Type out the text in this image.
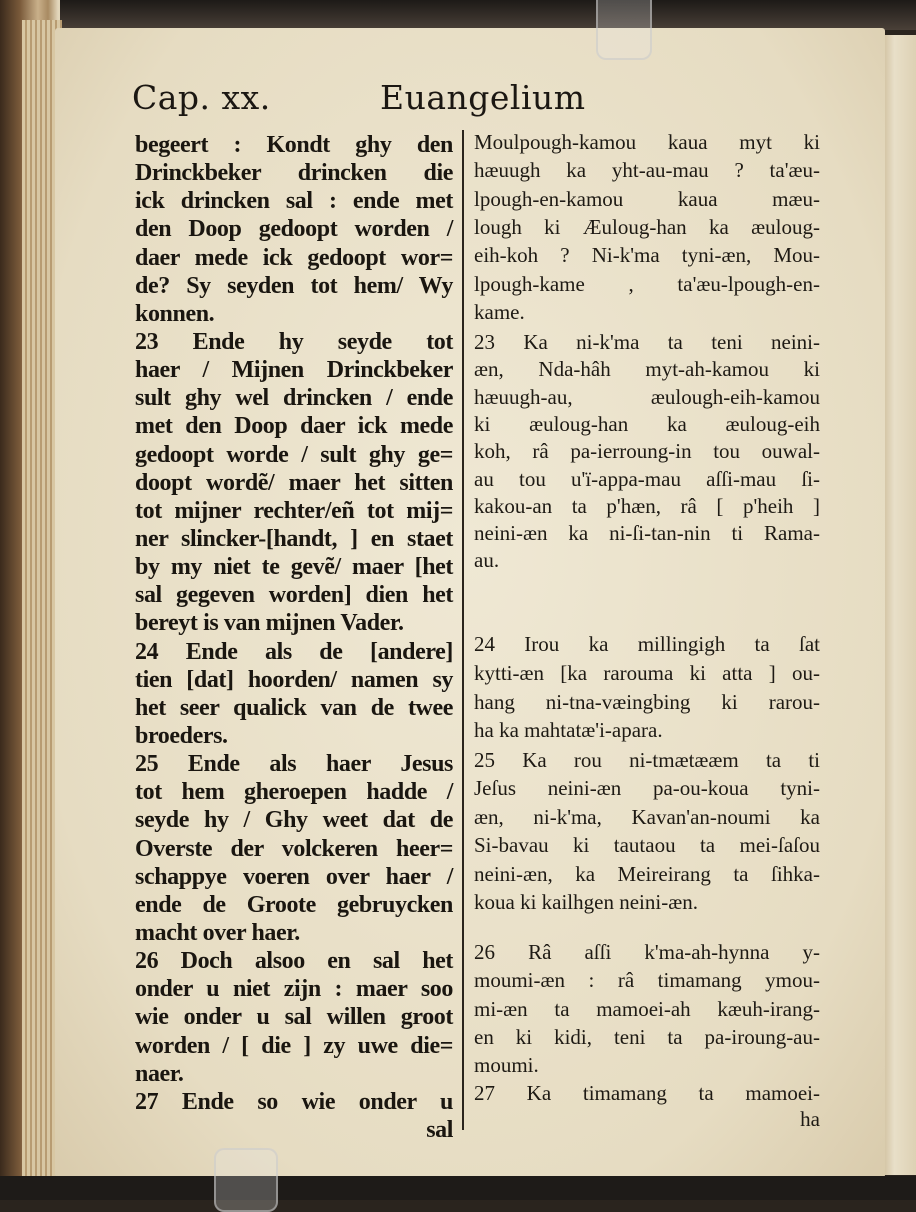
Cap. xx.	Euangelium
begeert : Kondt ghy den
Drinckbeker drincken die
ick drincken sal : ende met
den Doop gedoopt worden /
daer mede ick gedoopt wor=
de? Sy seyden tot hem/ Wy
konnen.
23 Ende hy seyde tot
haer / Mijnen Drinckbeker
sult ghy wel drincken / ende
met den Doop daer ick mede
gedoopt worde / sult ghy ge=
doopt wordẽ/ maer het sitten
tot mijner rechter/eñ tot mij=
ner slincker-[handt, ] en staet
by my niet te gevẽ/ maer [het
sal gegeven worden] dien het
bereyt is van mijnen Vader.
24 Ende als de [andere]
tien [dat] hoorden/ namen sy
het seer qualick van de twee
broeders.
25 Ende als haer Jesus
tot hem gheroepen hadde /
seyde hy / Ghy weet dat de
Overste der volckeren heer=
schappye voeren over haer /
ende de Groote gebruycken
macht over haer.
26 Doch alsoo en sal het
onder u niet zijn : maer soo
wie onder u sal willen groot
worden / [ die ] zy uwe die=
naer.
27 Ende so wie onder u
sal
Moulpough-kamou kaua myt ki
hæuugh ka yht-au-mau ? ta'æu-
lpough-en-kamou kaua mæu-
lough ki Æuloug-han ka æuloug-
eih-koh ? Ni-k'ma tyni-æn, Mou-
lpough-kame , ta'æu-lpough-en-
kame.
23 Ka ni-k'ma ta teni neini-
æn, Nda-hâh myt-ah-kamou ki
hæuugh-au, æulough-eih-kamou
ki æuloug-han ka æuloug-eih
koh, râ pa-ierroung-in tou ouwal-
au tou u'ï-appa-mau aſſi-mau ſi-
kakou-an ta p'hæn, râ [ p'heih ]
neini-æn ka ni-ſi-tan-nin ti Rama-
au.
24 Irou ka millingigh ta ſat
kytti-æn [ka rarouma ki atta ] ou-
hang ni-tna-væingbing ki rarou-
ha ka mahtatæ'i-apara.
25 Ka rou ni-tmætææm ta ti
Jeſus neini-æn pa-ou-koua tyni-
æn, ni-k'ma, Kavan'an-noumi ka
Si-bavau ki tautaou ta mei-ſaſou
neini-æn, ka Meireirang ta ſihka-
koua ki kailhgen neini-æn.
26 Râ aſſi k'ma-ah-hynna y-
moumi-æn : râ timamang ymou-
mi-æn ta mamoei-ah kæuh-irang-
en ki kidi, teni ta pa-iroung-au-
moumi.
27 Ka timamang ta mamoei-
ha
